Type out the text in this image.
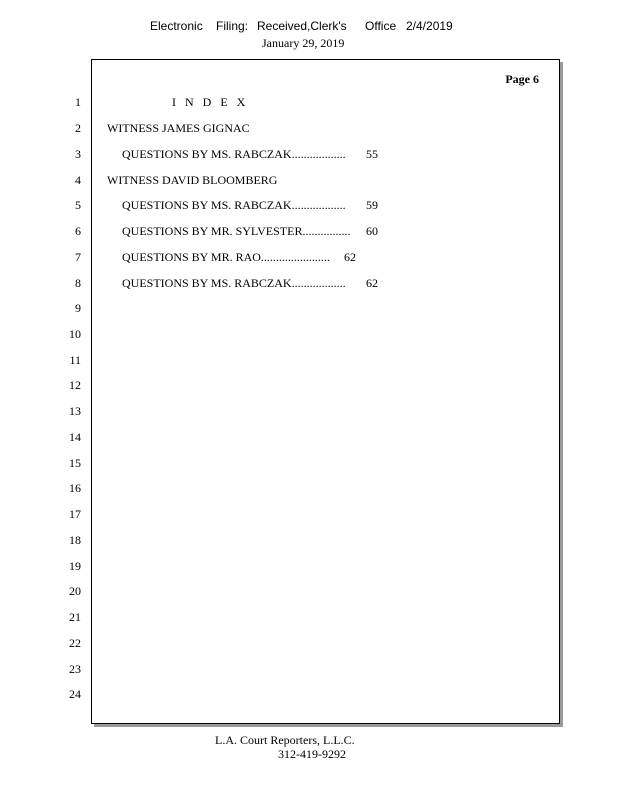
Electronic Filing: Received,Clerk's Office 2/4/2019
January 29, 2019
Page 6
1
2
3
4
5
6
7
8
9
10
11
12
13
14
15
16
17
18
19
20
21
22
23
24
I N D E X
WITNESS JAMES GIGNAC
QUESTIONS BY MS. RABCZAK.................. 55
WITNESS DAVID BLOOMBERG
QUESTIONS BY MS. RABCZAK.................. 59
QUESTIONS BY MR. SYLVESTER................ 60
QUESTIONS BY MR. RAO....................... 62
QUESTIONS BY MS. RABCZAK.................. 62
L.A. Court Reporters, L.L.C.
312-419-9292
